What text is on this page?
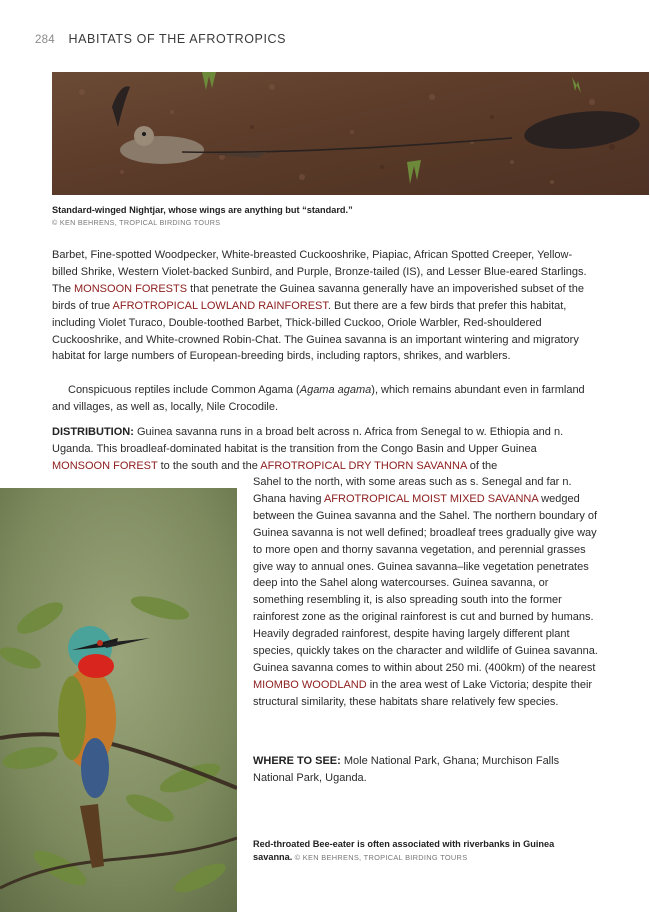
284 HABITATS OF THE AFROTROPICS
Standard-winged Nightjar, whose wings are anything but “standard.”
© KEN BEHRENS, TROPICAL BIRDING TOURS
Barbet, Fine-spotted Woodpecker, White-breasted Cuckooshrike, Piapiac, African Spotted Creeper, Yellow-billed Shrike, Western Violet-backed Sunbird, and Purple, Bronze-tailed (IS), and Lesser Blue-eared Starlings. The MONSOON FORESTS that penetrate the Guinea savanna generally have an impoverished subset of the birds of true AFROTROPICAL LOWLAND RAINFOREST. But there are a few birds that prefer this habitat, including Violet Turaco, Double-toothed Barbet, Thick-billed Cuckoo, Oriole Warbler, Red-shouldered Cuckooshrike, and White-crowned Robin-Chat. The Guinea savanna is an important wintering and migratory habitat for large numbers of European-breeding birds, including raptors, shrikes, and warblers.
Conspicuous reptiles include Common Agama (Agama agama), which remains abundant even in farmland and villages, as well as, locally, Nile Crocodile.
DISTRIBUTION: Guinea savanna runs in a broad belt across n. Africa from Senegal to w. Ethiopia and n. Uganda. This broadleaf-dominated habitat is the transition from the Congo Basin and Upper Guinea MONSOON FOREST to the south and the AFROTROPICAL DRY THORN SAVANNA of the
Sahel to the north, with some areas such as s. Senegal and far n. Ghana having AFROTROPICAL MOIST MIXED SAVANNA wedged between the Guinea savanna and the Sahel. The northern boundary of Guinea savanna is not well defined; broadleaf trees gradually give way to more open and thorny savanna vegetation, and perennial grasses give way to annual ones. Guinea savanna–like vegetation penetrates deep into the Sahel along watercourses. Guinea savanna, or something resembling it, is also spreading south into the former rainforest zone as the original rainforest is cut and burned by humans. Heavily degraded rainforest, despite having largely different plant species, quickly takes on the character and wildlife of Guinea savanna. Guinea savanna comes to within about 250 mi. (400km) of the nearest MIOMBO WOODLAND in the area west of Lake Victoria; despite their structural similarity, these habitats share relatively few species.
WHERE TO SEE: Mole National Park, Ghana; Murchison Falls National Park, Uganda.
Red-throated Bee-eater is often associated with riverbanks in Guinea savanna. © KEN BEHRENS, TROPICAL BIRDING TOURS
